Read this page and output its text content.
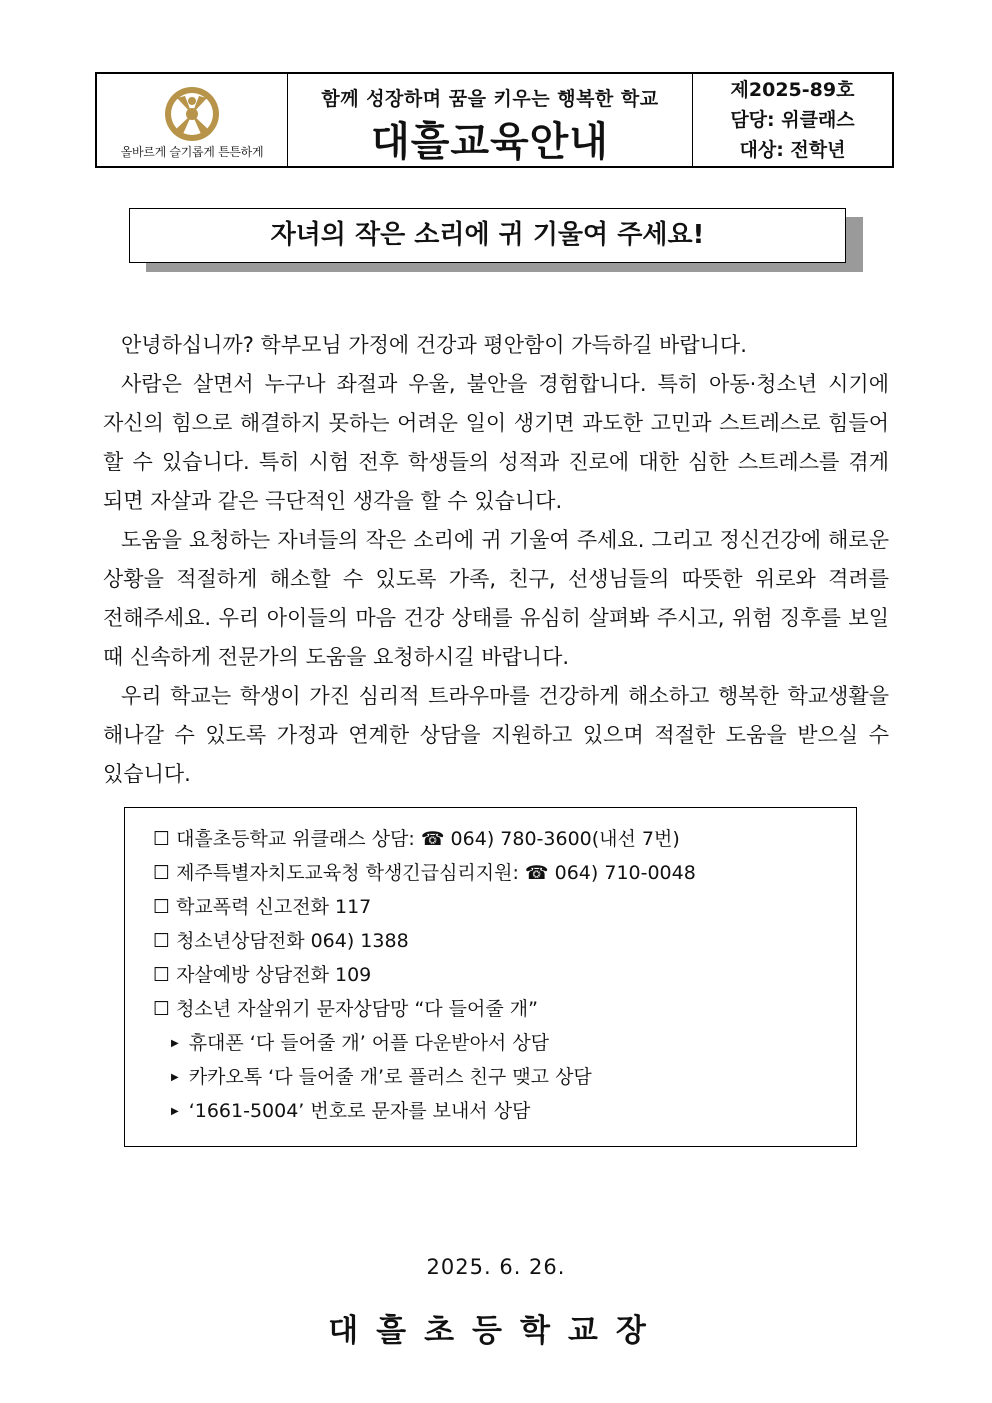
올바르게 슬기롭게 튼튼하게
함께 성장하며 꿈을 키우는 행복한 학교
대흘교육안내
제2025-89호
담당: 위클래스
대상: 전학년
자녀의 작은 소리에 귀 기울여 주세요!

안녕하십니까? 학부모님 가정에 건강과 평안함이 가득하길 바랍니다.

사람은 살면서 누구나 좌절과 우울, 불안을 경험합니다. 특히 아동·청소년 시기에 자신의 힘으로 해결하지 못하는 어려운 일이 생기면 과도한 고민과 스트레스로 힘들어 할 수 있습니다. 특히 시험 전후 학생들의 성적과 진로에 대한 심한 스트레스를 겪게 되면 자살과 같은 극단적인 생각을 할 수 있습니다.

도움을 요청하는 자녀들의 작은 소리에 귀 기울여 주세요. 그리고 정신건강에 해로운 상황을 적절하게 해소할 수 있도록 가족, 친구, 선생님들의 따뜻한 위로와 격려를 전해주세요. 우리 아이들의 마음 건강 상태를 유심히 살펴봐 주시고, 위험 징후를 보일 때 신속하게 전문가의 도움을 요청하시길 바랍니다.

우리 학교는 학생이 가진 심리적 트라우마를 건강하게 해소하고 행복한 학교생활을 해나갈 수 있도록 가정과 연계한 상담을 지원하고 있으며 적절한 도움을 받으실 수 있습니다.

☐ 대흘초등학교 위클래스 상담: ☎ 064) 780-3600(내선 7번)
☐ 제주특별자치도교육청 학생긴급심리지원: ☎ 064) 710-0048
☐ 학교폭력 신고전화 117
☐ 청소년상담전화 064) 1388
☐ 자살예방 상담전화 109
☐ 청소년 자살위기 문자상담망 “다 들어줄 개”
▶ 휴대폰 ‘다 들어줄 개’ 어플 다운받아서 상담
▶ 카카오톡 ‘다 들어줄 개’로 플러스 친구 맺고 상담
▶ ‘1661-5004’ 번호로 문자를 보내서 상담
2025. 6. 26.
대흘초등학교장
